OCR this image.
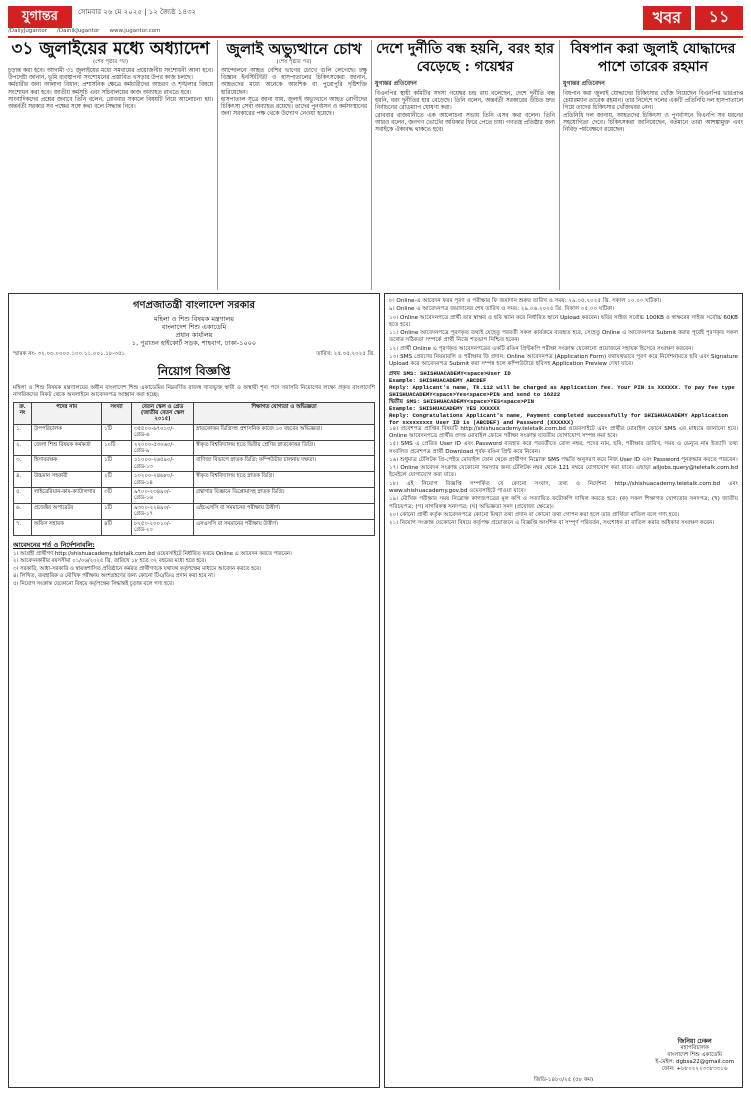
যুগান্তর	সোমবার ২৬ মে ২০২৫ | ১২ জ্যৈষ্ঠ ১৪৩২
/DailyJugantor /DainikJugantor www.jugantor.com
খবর	১১
৩১ জুলাইয়ের মধ্যে অধ্যাদেশ
(শেষ পৃষ্ঠার পর)

চূড়ান্ত করা হবে। আগামী ৩১ জুলাইয়ের মধ্যে সমবায়ের প্রয়োজনীয় সংশোধনী আনা হবে। উপদেষ্টা জানান, ভূমি ব্যবস্থাপনা সংশোধনের প্রস্তাবিত খসড়ার উপর কাজ চলছে।

কর্মচারীর জন্য আলাদা বিধান: প্রশাসনিক ক্ষেত্রে কর্মচারীদের আচরণ ও শৃঙ্খলার বিষয়ে সংশোধন করা হবে। জাতীয় কর্মসূচি এবং সচিবালয়ের কাজ অব্যাহত রাখতে হবে।

সাংবাদিকদের প্রশ্নের জবাবে তিনি বলেন, রোববার সকালে বিষয়টি নিয়ে আলোচনা হয়। অন্তর্বর্তী সরকার সব পক্ষের সঙ্গে কথা বলে সিদ্ধান্ত নিবে।

জুলাই অভ্যুত্থানে চোখ
(শেষ পৃষ্ঠার পর)

আন্দোলনে আহত বেশির ভাগের চোখে গুলি লেগেছে। চক্ষু বিজ্ঞান ইনস্টিটিউট ও হাসপাতালের চিকিৎসকেরা জানান, আহতদের মধ্যে অনেকে আংশিক বা পুরোপুরি দৃষ্টিশক্তি হারিয়েছেন।

হাসপাতাল সূত্রে জানা যায়, জুলাই অভ্যুত্থানে আহত রোগীদের চিকিৎসা সেবা অব্যাহত রয়েছে। তাদের পুনর্বাসন ও কর্মসংস্থানের জন্য সরকারের পক্ষ থেকে উদ্যোগ নেওয়া হয়েছে।

দেশে দুর্নীতি বন্ধ হয়নি, বরং হার বেড়েছে : গয়েশ্বর
যুগান্তর প্রতিবেদন

বিএনপির স্থায়ী কমিটির সদস্য গয়েশ্বর চন্দ্র রায় বলেছেন, দেশে দুর্নীতি বন্ধ হয়নি, বরং দুর্নীতির হার বেড়েছে। তিনি বলেন, অন্তর্বর্তী সরকারের উচিত দ্রুত নির্বাচনের রোডম্যাপ ঘোষণা করা।

রোববার রাজধানীতে এক আলোচনা সভায় তিনি এসব কথা বলেন। তিনি আরও বলেন, জনগণ ভোটের অধিকার ফিরে পেতে চায়। গণতন্ত্র প্রতিষ্ঠার জন্য সবাইকে ঐক্যবদ্ধ থাকতে হবে।

বিষপান করা জুলাই যোদ্ধাদের পাশে তারেক রহমান
যুগান্তর প্রতিবেদন

বিষপান করা জুলাই যোদ্ধাদের চিকিৎসার খোঁজ নিয়েছেন বিএনপির ভারপ্রাপ্ত চেয়ারম্যান তারেক রহমান। তার নির্দেশে দলের একটি প্রতিনিধি দল হাসপাতালে গিয়ে তাদের চিকিৎসার খোঁজখবর নেন।

প্রতিনিধি দল জানায়, আহতদের চিকিৎসা ও পুনর্বাসনে বিএনপি সব ধরনের সহযোগিতা দেবে। চিকিৎসকরা জানিয়েছেন, বর্তমানে তারা আশঙ্কামুক্ত এবং নিবিড় পর্যবেক্ষণে রয়েছেন।

গণপ্রজাতন্ত্রী বাংলাদেশ সরকার
মহিলা ও শিশু বিষয়ক মন্ত্রণালয়
বাংলাদেশ শিশু একাডেমি
প্রধান কার্যালয়
১, পুরাতন হাইকোর্ট সড়ক, শাহবাগ, ঢাকা-১০০০
স্মারক নং- ৩২.০৩.০০০০.১০০.১১.০০১.১৮-৩৫১	তারিখ: ২৫.০৫.২০২৫ খ্রি.
নিয়োগ বিজ্ঞপ্তি
মহিলা ও শিশু বিষয়ক মন্ত্রণালয়ের অধীন বাংলাদেশ শিশু একাডেমির নিম্নবর্ণিত রাজস্ব খাতভুক্ত স্থায়ী ও অস্থায়ী শূন্য পদে সরাসরি নিয়োগের লক্ষ্যে প্রকৃত বাংলাদেশি নাগরিকদের নিকট থেকে অনলাইনে আবেদনপত্র আহ্বান করা হচ্ছে।
ক্র. নং	পদের নাম	সংখ্যা	বেতন স্কেল ও গ্রেড (জাতীয় বেতন স্কেল ২০১৫)	শিক্ষাগত যোগ্যতা ও অভিজ্ঞতা
১.	উপপরিচালক	১টি	৩৫৫০০-৬৭০১০/- গ্রেড-৬	স্নাতকোত্তর ডিগ্রিসহ প্রশাসনিক কাজে ১০ বছরের অভিজ্ঞতা।
২.	জেলা শিশু বিষয়ক কর্মকর্তা	১০টি	২২০০০-৫৩০৬০/- গ্রেড-৯	স্বীকৃত বিশ্ববিদ্যালয় হতে দ্বিতীয় শ্রেণির স্নাতকোত্তর ডিগ্রি।
৩.	হিসাবরক্ষক	১টি	১১০০০-২৬৫৯০/- গ্রেড-১৩	বাণিজ্য বিভাগে স্নাতক ডিগ্রি; কম্পিউটার চালনায় দক্ষতা।
৪.	উচ্চমান সহকারী	২টি	১০২০০-২৪৬৮০/- গ্রেড-১৪	স্বীকৃত বিশ্ববিদ্যালয় হতে স্নাতক ডিগ্রি।
৫.	লাইব্রেরিয়ান-কাম-ক্যাটালগার	৩টি	৯৭০০-২৩৪৯০/- গ্রেড-১৬	গ্রন্থাগার বিজ্ঞানে ডিপ্লোমাসহ স্নাতক ডিগ্রি।
৬.	প্রজেক্টর অপারেটর	১টি	৯৩০০-২২৪৯০/- গ্রেড-১৭	এইচএসসি বা সমমানের পরীক্ষায় উত্তীর্ণ।
৭.	অফিস সহায়ক	৪টি	৮২৫০-২০০১০/- গ্রেড-২০	এসএসসি বা সমমানের পরীক্ষায় উত্তীর্ণ।
আবেদনের শর্ত ও নির্দেশনাবলি:
১। আগ্রহী প্রার্থীগণ http://shishuacademy.teletalk.com.bd ওয়েবসাইটে নির্ধারিত ফরমে Online এ আবেদন করতে পারবেন।
২। আবেদনকারীর বয়সসীমা ০১/০৬/২০২৫ খ্রি. তারিখে ১৮ হতে ৩২ বছরের মধ্যে হতে হবে।
৩। সরকারি, আধা-সরকারি ও স্বায়ত্তশাসিত প্রতিষ্ঠানে কর্মরত প্রার্থীগণকে যথাযথ কর্তৃপক্ষের মাধ্যমে আবেদন করতে হবে।
৪। লিখিত, ব্যবহারিক ও মৌখিক পরীক্ষায় অংশগ্রহণের জন্য কোনো টিএ/ডিএ প্রদান করা হবে না।
৫। নিয়োগ সংক্রান্ত যেকোনো বিষয়ে কর্তৃপক্ষের সিদ্ধান্তই চূড়ান্ত বলে গণ্য হবে।
৮। Online-এ আবেদন ফরম পূরণ ও পরীক্ষার ফি জমাদান শুরুর তারিখ ও সময়: ২৯.০৫.২০২৫ খ্রি. সকাল ১০.০০ ঘটিকা।
৯। Online এ আবেদনপত্র জমাদানের শেষ তারিখ ও সময়: ২৯.০৬.২০২৫ খ্রি. বিকাল ০৫.০০ ঘটিকা।
১০। Online আবেদনপত্রে প্রার্থী তার স্বাক্ষর ও ছবি স্ক্যান করে নির্ধারিত স্থানে Upload করবেন। ছবির সাইজ সর্বোচ্চ 100KB ও স্বাক্ষরের সাইজ সর্বোচ্চ 60KB হতে হবে।
১১। Online আবেদনপত্রে পূরণকৃত তথ্যই যেহেতু পরবর্তী সকল কার্যক্রমে ব্যবহৃত হবে, সেহেতু Online এ আবেদনপত্র Submit করার পূর্বেই পূরণকৃত সকল তথ্যের সঠিকতা সম্পর্কে প্রার্থী নিজে শতভাগ নিশ্চিত হবেন।
১২। প্রার্থী Online এ পূরণকৃত আবেদনপত্রের একটি রঙিন প্রিন্টকপি পরীক্ষা সংক্রান্ত যেকোনো প্রয়োজনে সহায়ক হিসেবে সংরক্ষণ করবেন।
১৩। SMS প্রেরণের নিয়মাবলি ও পরীক্ষার ফি প্রদান: Online আবেদনপত্র (Application Form) যথাযথভাবে পূরণ করে নির্দেশনামতে ছবি এবং Signature Upload করে আবেদনপত্র Submit করা সম্পন্ন হলে কম্পিউটারে ছবিসহ Application Preview দেখা যাবে।
প্রথম SMS: SHISHUACADEMY<space>User ID
Example: SHISHUACADEMY ABCDEF
Reply: Applicant's name, Tk.112 will be charged as Application fee. Your PIN is XXXXXX. To pay fee type SHISHUACADEMY<space>Yes<space>PIN and send to 16222
দ্বিতীয় SMS: SHISHUACADEMY<space>YES<space>PIN
Example: SHISHUACADEMY YES XXXXXX
Reply: Congratulations Applicant's name, Payment completed successfully for SHISHUACADEMY Application for xxxxxxxxx User ID is (ABCDEF) and Password (XXXXXX)
১৪। প্রবেশপত্র প্রাপ্তির বিষয়টি http://shishuacademy.teletalk.com.bd ওয়েবসাইটে এবং প্রার্থীর মোবাইল ফোনে SMS এর মাধ্যমে জানানো হবে। Online আবেদনপত্রে প্রার্থীর প্রদত্ত মোবাইল ফোনে পরীক্ষা সংক্রান্ত যাবতীয় যোগাযোগ সম্পন্ন করা হবে।
১৫। SMS এ প্রেরিত User ID এবং Password ব্যবহার করে পরবর্তীতে রোল নম্বর, পদের নাম, ছবি, পরীক্ষার তারিখ, সময় ও ভেন্যুর নাম ইত্যাদি তথ্য সংবলিত প্রবেশপত্র প্রার্থী Download পূর্বক রঙিন প্রিন্ট করে নিবেন।
১৬। শুধুমাত্র টেলিটক প্রি-পেইড মোবাইল ফোন থেকে প্রার্থীগণ নিম্নোক্ত SMS পদ্ধতি অনুসরণ করে নিজ User ID এবং Password পুনরুদ্ধার করতে পারবেন।
১৭। Online আবেদন সংক্রান্ত যেকোনো সমস্যার জন্য টেলিটক নম্বর থেকে 121 নম্বরে যোগাযোগ করা যাবে। এছাড়া alljobs.query@teletalk.com.bd ইমেইলে যোগাযোগ করা যাবে।
১৮। এই নিয়োগ বিজ্ঞপ্তি সম্পর্কিত যে কোনো সংবাদ, তথ্য ও নির্দেশনা http://shishuacademy.teletalk.com.bd এবং www.shishuacademy.gov.bd ওয়েবসাইটে পাওয়া যাবে।
১৯। মৌখিক পরীক্ষার সময় নিম্নোক্ত কাগজপত্রের মূল কপি ও সত্যায়িত ফটোকপি দাখিল করতে হবে: (ক) সকল শিক্ষাগত যোগ্যতার সনদপত্র; (খ) জাতীয় পরিচয়পত্র; (গ) নাগরিকত্ব সনদপত্র; (ঘ) অভিজ্ঞতা সনদ (প্রযোজ্য ক্ষেত্রে)।
২০। কোনো প্রার্থী কর্তৃক আবেদনপত্রে কোনো মিথ্যা তথ্য প্রদান বা কোনো তথ্য গোপন করা হলে তার প্রার্থিতা বাতিল বলে গণ্য হবে।
২১। নিয়োগ সংক্রান্ত যেকোনো বিষয়ে কর্তৃপক্ষ প্রয়োজনে এ বিজ্ঞপ্তি আংশিক বা সম্পূর্ণ পরিবর্তন, সংশোধন বা বাতিল করার অধিকার সংরক্ষণ করেন।
জিনিয়া ঢেকল
মহাপরিচালক
বাংলাদেশ শিশু একাডেমি
ই-মেইল: dgbsa22@gmail.com
ফোন: +৮৮০২২২৩৩৮৩৩১৬
জিডি-১৪৮০/২৫ (৫৮ কম)
